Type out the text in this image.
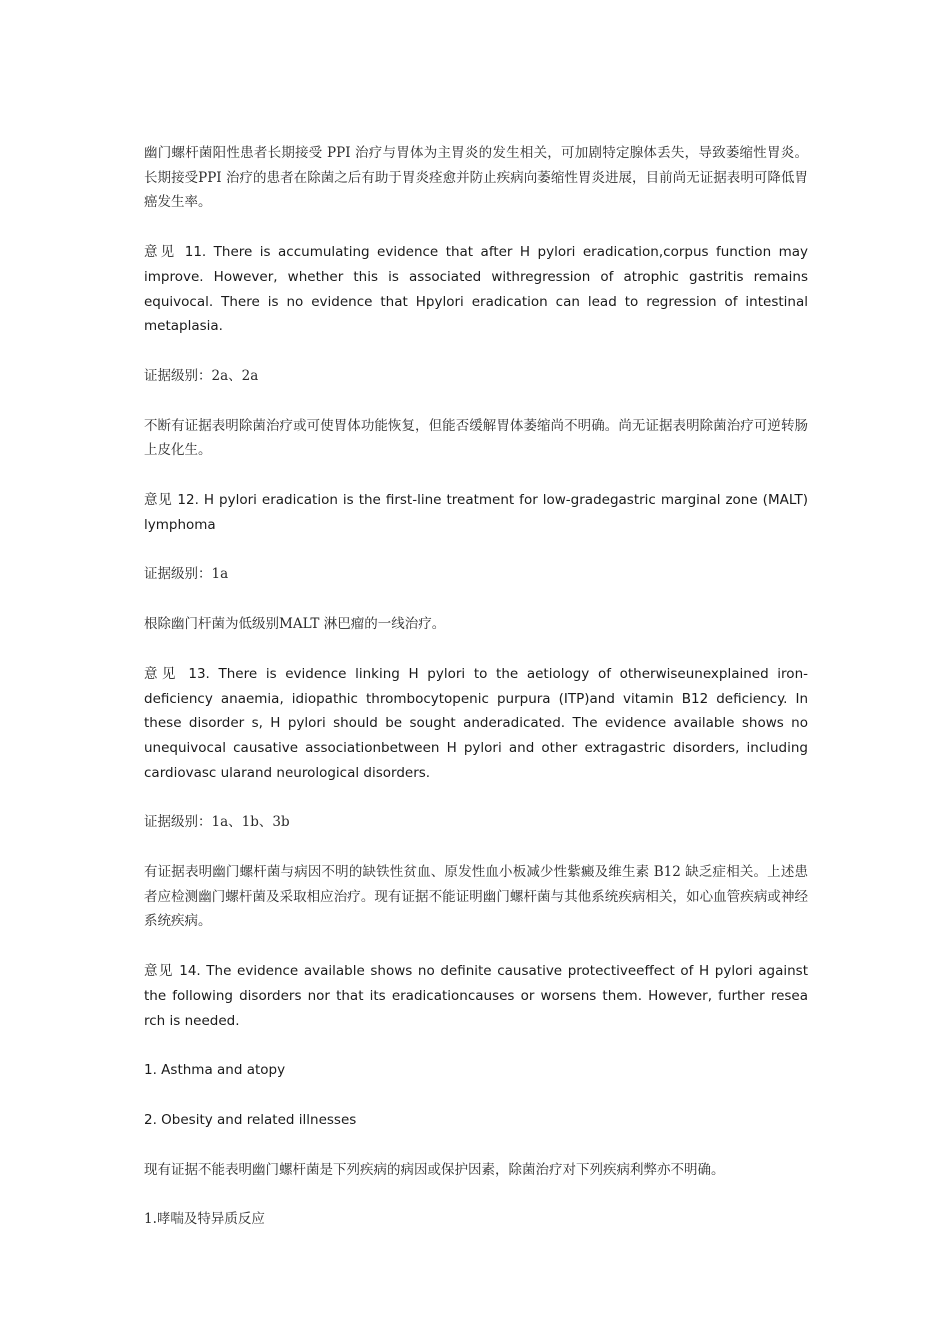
幽门螺杆菌阳性患者长期接受 PPI 治疗与胃体为主胃炎的发生相关，可加剧特定腺体丢失，导致萎缩性胃炎。长期接受PPI 治疗的患者在除菌之后有助于胃炎痊愈并防止疾病向萎缩性胃炎进展，目前尚无证据表明可降低胃癌发生率。

意见 11. There is accumulating evidence that after H pylori eradication,corpus function may improve. However, whether this is associated withregression of atrophic gastritis remains equivocal. There is no evidence that Hpylori eradication can lead to regression of intestinal metaplasia.

证据级别：2a、2a

不断有证据表明除菌治疗或可使胃体功能恢复，但能否缓解胃体萎缩尚不明确。尚无证据表明除菌治疗可逆转肠上皮化生。

意见 12. H pylori eradication is the first-line treatment for low-gradegastric marginal zone (MALT) lymphoma

证据级别：1a

根除幽门杆菌为低级别MALT 淋巴瘤的一线治疗。

意见 13. There is evidence linking H pylori to the aetiology of otherwiseunexplained iron-deficiency anaemia, idiopathic thrombocytopenic purpura (ITP)and vitamin B12 deficiency. In these disorder s, H pylori should be sought anderadicated. The evidence available shows no unequivocal causative associationbetween H pylori and other extragastric disorders, including cardiovasc ularand neurological disorders.

证据级别：1a、1b、3b

有证据表明幽门螺杆菌与病因不明的缺铁性贫血、原发性血小板减少性紫癜及维生素 B12 缺乏症相关。上述患者应检测幽门螺杆菌及采取相应治疗。现有证据不能证明幽门螺杆菌与其他系统疾病相关，如心血管疾病或神经系统疾病。

意见 14. The evidence available shows no definite causative protectiveeffect of H pylori against the following disorders nor that its eradicationcauses or worsens them. However, further resea rch is needed.

1. Asthma and atopy

2. Obesity and related illnesses

现有证据不能表明幽门螺杆菌是下列疾病的病因或保护因素，除菌治疗对下列疾病利弊亦不明确。

1.哮喘及特异质反应
